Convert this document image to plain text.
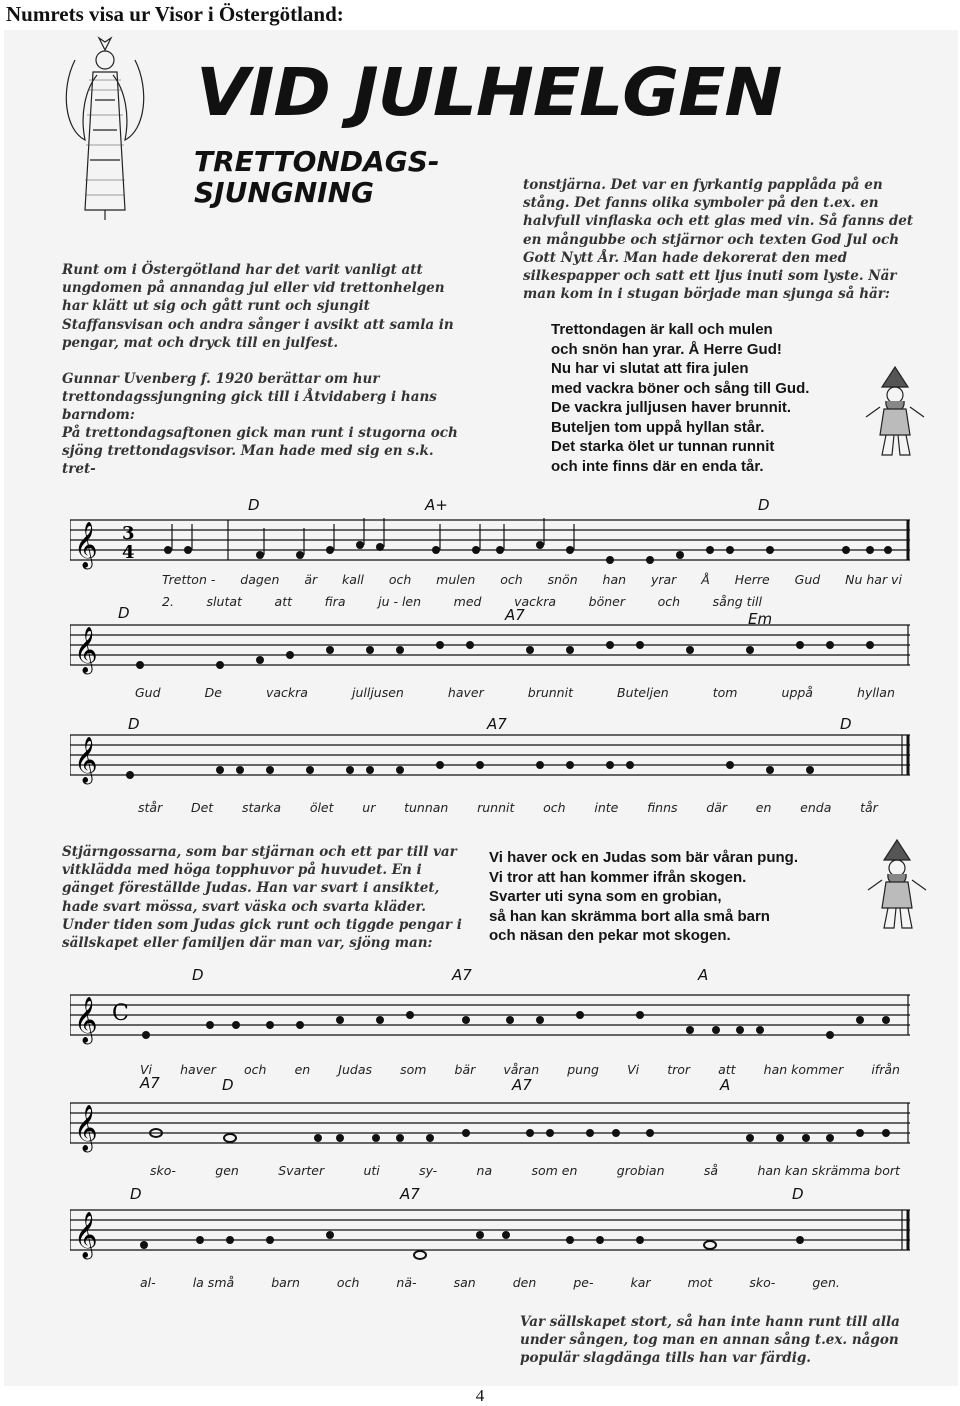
Numrets visa ur Visor i Östergötland:
VID JULHELGEN
TRETTONDAGS- SJUNGNING
Runt om i Östergötland har det varit vanligt att ungdomen på annandag jul eller vid trettonhelgen har klätt ut sig och gått runt och sjungit Staffansvisan och andra sånger i avsikt att samla in pengar, mat och dryck till en julfest.
Gunnar Uvenberg f. 1920 berättar om hur trettondagssjungning gick till i Åtvidaberg i hans barndom:
På trettondagsaftonen gick man runt i stugorna och sjöng trettondagsvisor. Man hade med sig en s.k. tret-
tonstjärna. Det var en fyrkantig papplåda på en stång. Det fanns olika symboler på den t.ex. en halvfull vinflaska och ett glas med vin. Så fanns det en mångubbe och stjärnor och texten God Jul och Gott Nytt År. Man hade dekorerat den med silkespapper och satt ett ljus inuti som lyste. När man kom in i stugan började man sjunga så här:
Trettondagen är kall och mulen
och snön han yrar. Å Herre Gud!
Nu har vi slutat att fira julen
med vackra böner och sång till Gud.
De vackra julljusen haver brunnit.
Buteljen tom uppå hyllan står.
Det starka ölet ur tunnan runnit
och inte finns där en enda tår.
𝄞 3
4
D	A+	D
Tretton - dagen är kall och mulen och snön han yrar Å Herre Gud Nu har vi
2.	slutat	att	fira	ju - len	med	vackra	böner	och	sång till
𝄞
D	A7	Em
Gud	De	vackra	julljusen	haver	brunnit	Buteljen	tom	uppå	hyllan
𝄞
D	A7	D
står Det starka ölet ur tunnan runnit och inte finns där en enda tår
Stjärngossarna, som bar stjärnan och ett par till var vitklädda med höga topphuvor på huvudet. En i gänget föreställde Judas. Han var svart i ansiktet, hade svart mössa, svart väska och svarta kläder. Under tiden som Judas gick runt och tiggde pengar i sällskapet eller familjen där man var, sjöng man:
Vi haver ock en Judas som bär våran pung.
Vi tror att han kommer ifrån skogen.
Svarter uti syna som en grobian,
så han kan skrämma bort alla små barn
och näsan den pekar mot skogen.
𝄞 C
D	A7	A
Vi haver och en Judas som bär våran pung Vi tror att han kommer ifrån
𝄞
A7	D	A7	A
sko-	gen	Svarter	uti	sy-	na	som en	grobian	så	han kan skrämma bort
𝄞
D	A7	D
al-	la små	barn	och	nä-	san	den	pe-	kar	mot	sko-	gen.
Var sällskapet stort, så han inte hann runt till alla under sången, tog man en annan sång t.ex. någon populär slagdänga tills han var färdig.
4
